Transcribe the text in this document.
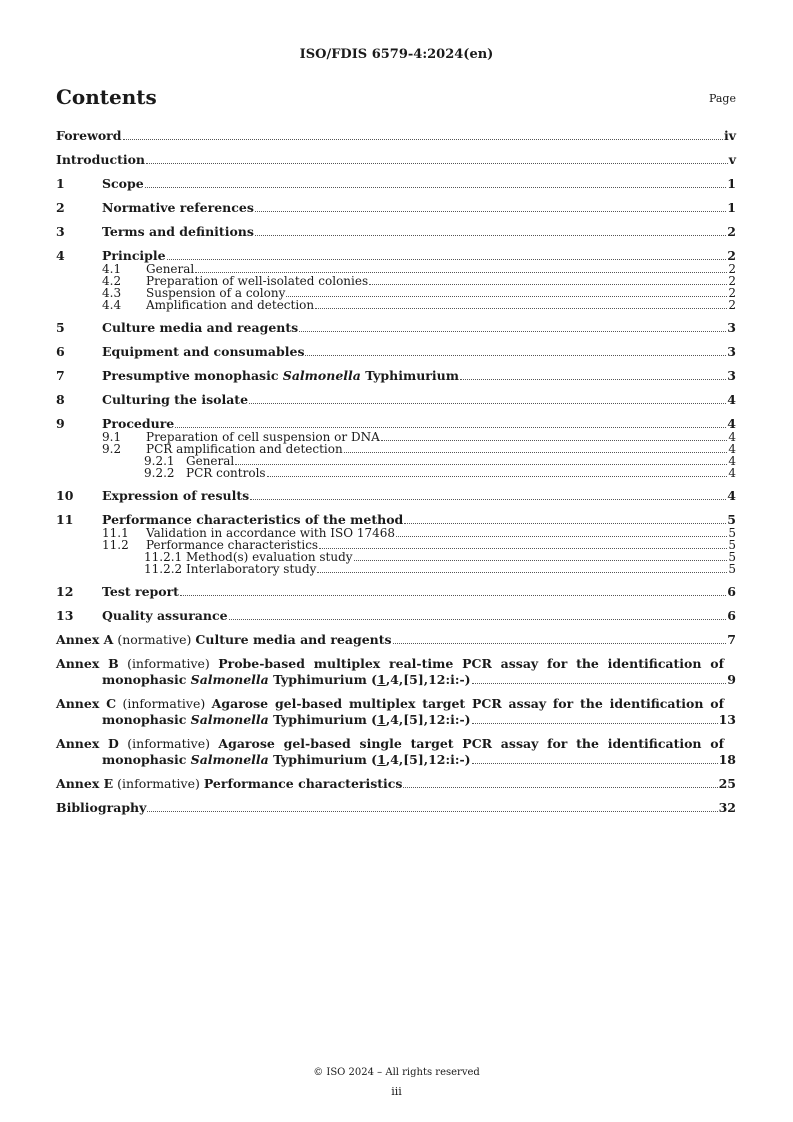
ISO/FDIS 6579-4:2024(en)
Contents	Page
Foreword	iv
Introduction	v
1	Scope	1
2	Normative references	1
3	Terms and definitions	2
4	Principle	2
4.1	General	2
4.2	Preparation of well-isolated colonies	2
4.3	Suspension of a colony	2
4.4	Amplification and detection	2
5	Culture media and reagents	3
6	Equipment and consumables	3
7	Presumptive monophasic Salmonella Typhimurium	3
8	Culturing the isolate	4
9	Procedure	4
9.1	Preparation of cell suspension or DNA	4
9.2	PCR amplification and detection	4
9.2.1 General	4
9.2.2 PCR controls	4
10	Expression of results	4
11	Performance characteristics of the method	5
11.1	Validation in accordance with ISO 17468	5
11.2	Performance characteristics	5
11.2.1 Method(s) evaluation study	5
11.2.2 Interlaboratory study	5
12	Test report	6
13	Quality assurance	6
Annex A (normative) Culture media and reagents	7
Annex B (informative) Probe-based multiplex real-time PCR assay for the identification of
monophasic Salmonella Typhimurium (1,4,[5],12:i:-)	9
Annex C (informative) Agarose gel-based multiplex target PCR assay for the identification of
monophasic Salmonella Typhimurium (1,4,[5],12:i:-)	13
Annex D (informative) Agarose gel-based single target PCR assay for the identification of
monophasic Salmonella Typhimurium (1,4,[5],12:i:-)	18
Annex E (informative) Performance characteristics	25
Bibliography	32
© ISO 2024 – All rights reserved
iii
